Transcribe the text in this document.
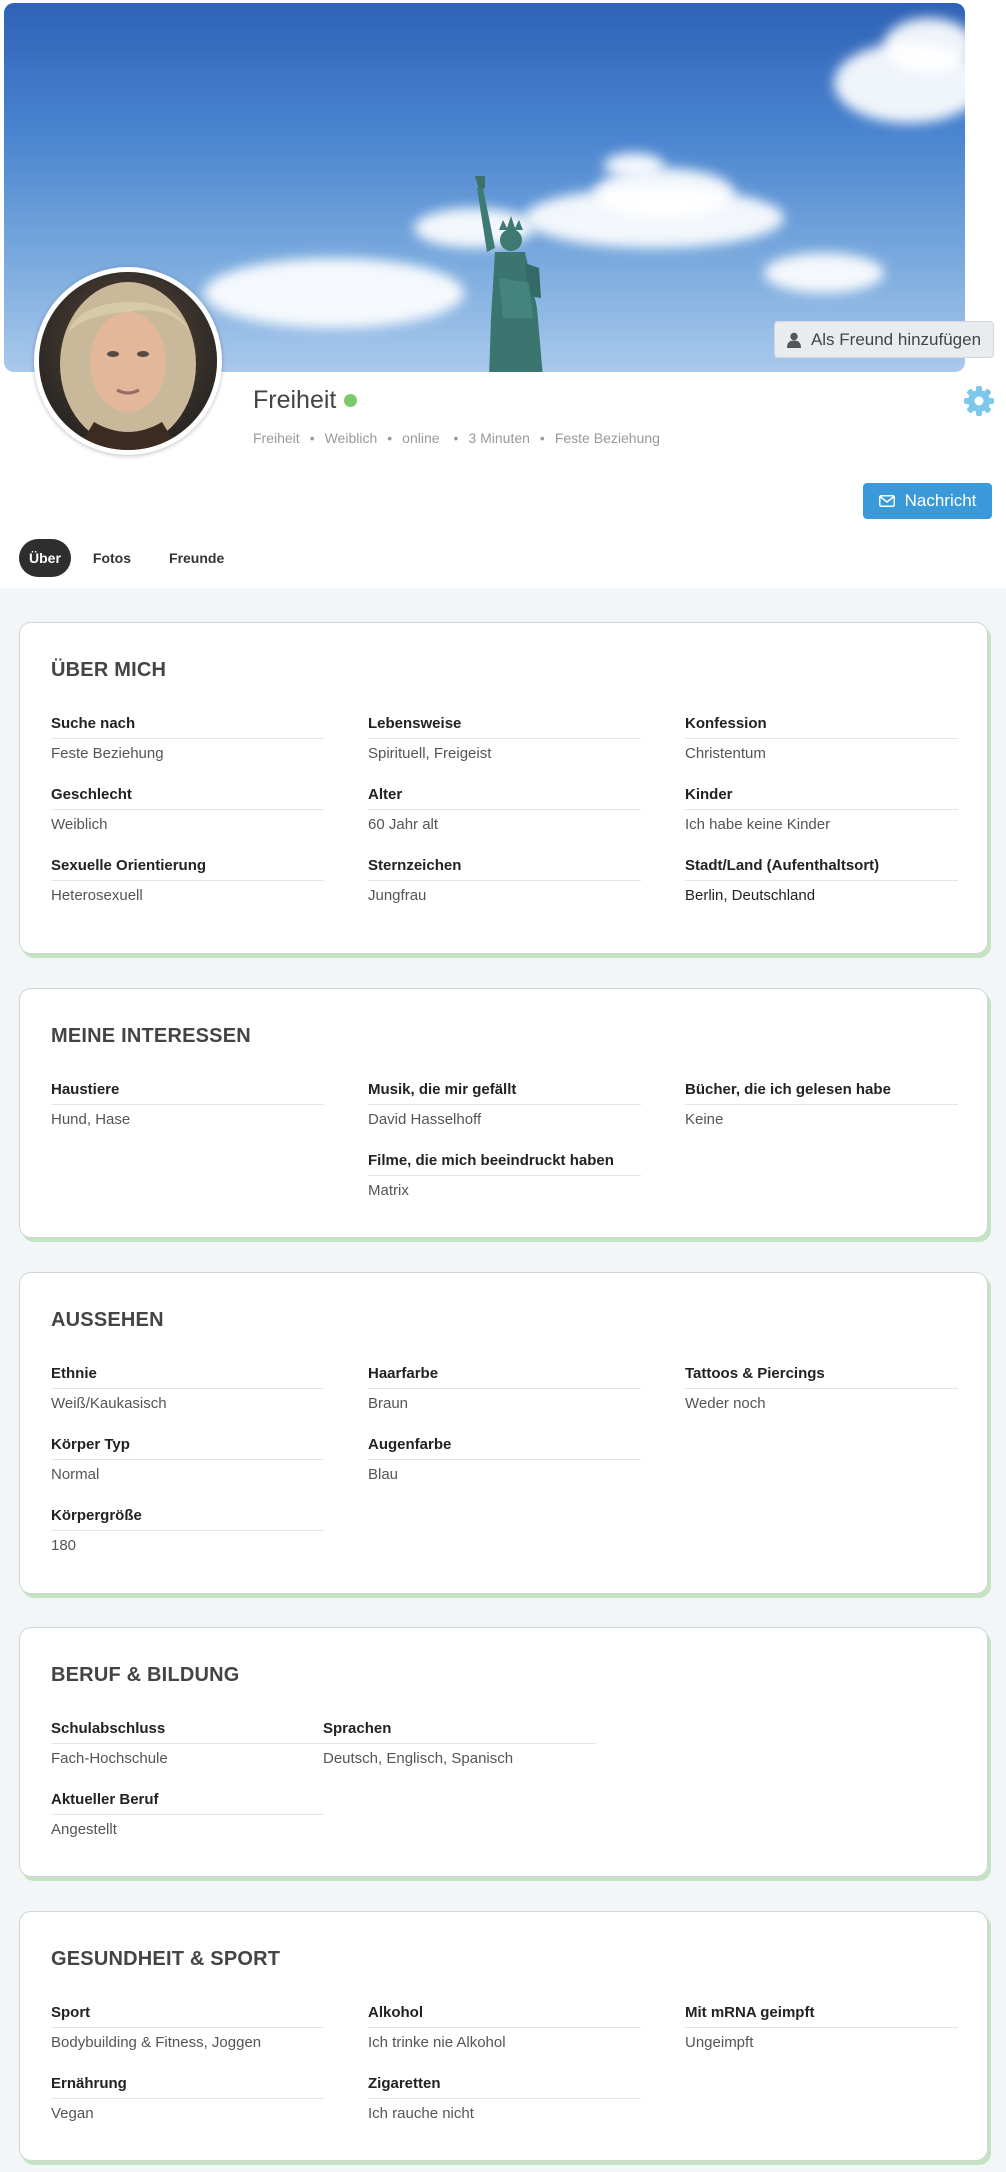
Als Freund hinzufügen
Freiheit
Freiheit • Weiblich • online • 3 Minuten • Feste Beziehung
Nachricht
Über	Fotos	Freunde
ÜBER MICH
Suche nach
Feste Beziehung
Lebensweise
Spirituell, Freigeist
Konfession
Christentum
Geschlecht
Weiblich
Alter
60 Jahr alt
Kinder
Ich habe keine Kinder
Sexuelle Orientierung
Heterosexuell
Sternzeichen
Jungfrau
Stadt/Land (Aufenthaltsort)
Berlin, Deutschland
MEINE INTERESSEN
Haustiere
Hund, Hase
Musik, die mir gefällt
David Hasselhoff
Bücher, die ich gelesen habe
Keine
Filme, die mich beeindruckt haben
Matrix
AUSSEHEN
Ethnie
Weiß/Kaukasisch
Haarfarbe
Braun
Tattoos & Piercings
Weder noch
Körper Typ
Normal
Augenfarbe
Blau
Körpergröße
180
BERUF & BILDUNG
Schulabschluss
Fach-Hochschule
Sprachen
Deutsch, Englisch, Spanisch
Aktueller Beruf
Angestellt
GESUNDHEIT & SPORT
Sport
Bodybuilding & Fitness, Joggen
Alkohol
Ich trinke nie Alkohol
Mit mRNA geimpft
Ungeimpft
Ernährung
Vegan
Zigaretten
Ich rauche nicht
